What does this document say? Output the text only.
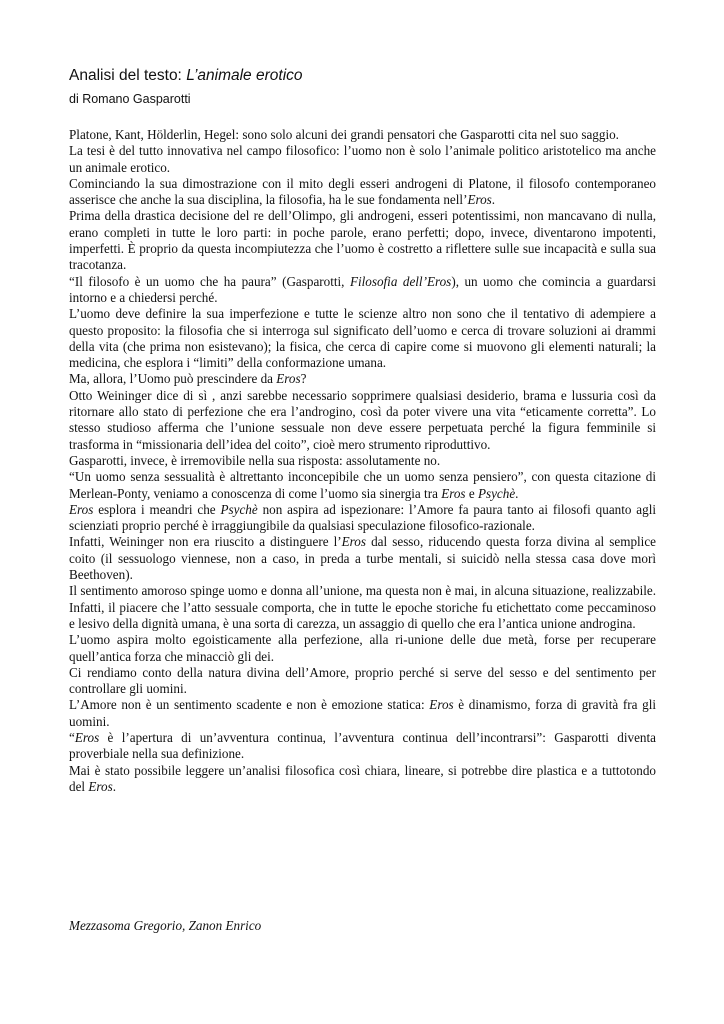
Analisi del testo: L’animale erotico
di Romano Gasparotti

Platone, Kant, Hölderlin, Hegel: sono solo alcuni dei grandi pensatori che Gasparotti cita nel suo saggio.

La tesi è del tutto innovativa nel campo filosofico: l’uomo non è solo l’animale politico aristotelico ma anche un animale erotico.

Cominciando la sua dimostrazione con il mito degli esseri androgeni di Platone, il filosofo contemporaneo asserisce che anche la sua disciplina, la filosofia, ha le sue fondamenta nell’Eros.

Prima della drastica decisione del re dell’Olimpo, gli androgeni, esseri potentissimi, non mancavano di nulla, erano completi in tutte le loro parti: in poche parole, erano perfetti; dopo, invece, diventarono impotenti, imperfetti. È proprio da questa incompiutezza che l’uomo è costretto a riflettere sulle sue incapacità e sulla sua tracotanza.

“Il filosofo è un uomo che ha paura” (Gasparotti, Filosofia dell’Eros), un uomo che comincia a guardarsi intorno e a chiedersi perché.

L’uomo deve definire la sua imperfezione e tutte le scienze altro non sono che il tentativo di adempiere a questo proposito: la filosofia che si interroga sul significato dell’uomo e cerca di trovare soluzioni ai drammi della vita (che prima non esistevano); la fisica, che cerca di capire come si muovono gli elementi naturali; la medicina, che esplora i “limiti” della conformazione umana.

Ma, allora, l’Uomo può prescindere da Eros?

Otto Weininger dice di sì , anzi sarebbe necessario sopprimere qualsiasi desiderio, brama e lussuria così da ritornare allo stato di perfezione che era l’androgino, così da poter vivere una vita “eticamente corretta”. Lo stesso studioso afferma che l’unione sessuale non deve essere perpetuata perché la figura femminile si trasforma in “missionaria dell’idea del coito”, cioè mero strumento riproduttivo.

Gasparotti, invece, è irremovibile nella sua risposta: assolutamente no.

“Un uomo senza sessualità è altrettanto inconcepibile che un uomo senza pensiero”, con questa citazione di Merlean-Ponty, veniamo a conoscenza di come l’uomo sia sinergia tra Eros e Psychè.

Eros esplora i meandri che Psychè non aspira ad ispezionare: l’Amore fa paura tanto ai filosofi quanto agli scienziati proprio perché è irraggiungibile da qualsiasi speculazione filosofico-razionale.

Infatti, Weininger non era riuscito a distinguere l’Eros dal sesso, riducendo questa forza divina al semplice coito (il sessuologo viennese, non a caso, in preda a turbe mentali, si suicidò nella stessa casa dove morì Beethoven).

Il sentimento amoroso spinge uomo e donna all’unione, ma questa non è mai, in alcuna situazione, realizzabile. Infatti, il piacere che l’atto sessuale comporta, che in tutte le epoche storiche fu etichettato come peccaminoso e lesivo della dignità umana, è una sorta di carezza, un assaggio di quello che era l’antica unione androgina.

L’uomo aspira molto egoisticamente alla perfezione, alla ri-unione delle due metà, forse per recuperare quell’antica forza che minacciò gli dei.

Ci rendiamo conto della natura divina dell’Amore, proprio perché si serve del sesso e del sentimento per controllare gli uomini.

L’Amore non è un sentimento scadente e non è emozione statica: Eros è dinamismo, forza di gravità fra gli uomini.

“Eros è l’apertura di un’avventura continua, l’avventura continua dell’incontrarsi”: Gasparotti diventa proverbiale nella sua definizione.

Mai è stato possibile leggere un’analisi filosofica così chiara, lineare, si potrebbe dire plastica e a tuttotondo del Eros.

Mezzasoma Gregorio, Zanon Enrico
